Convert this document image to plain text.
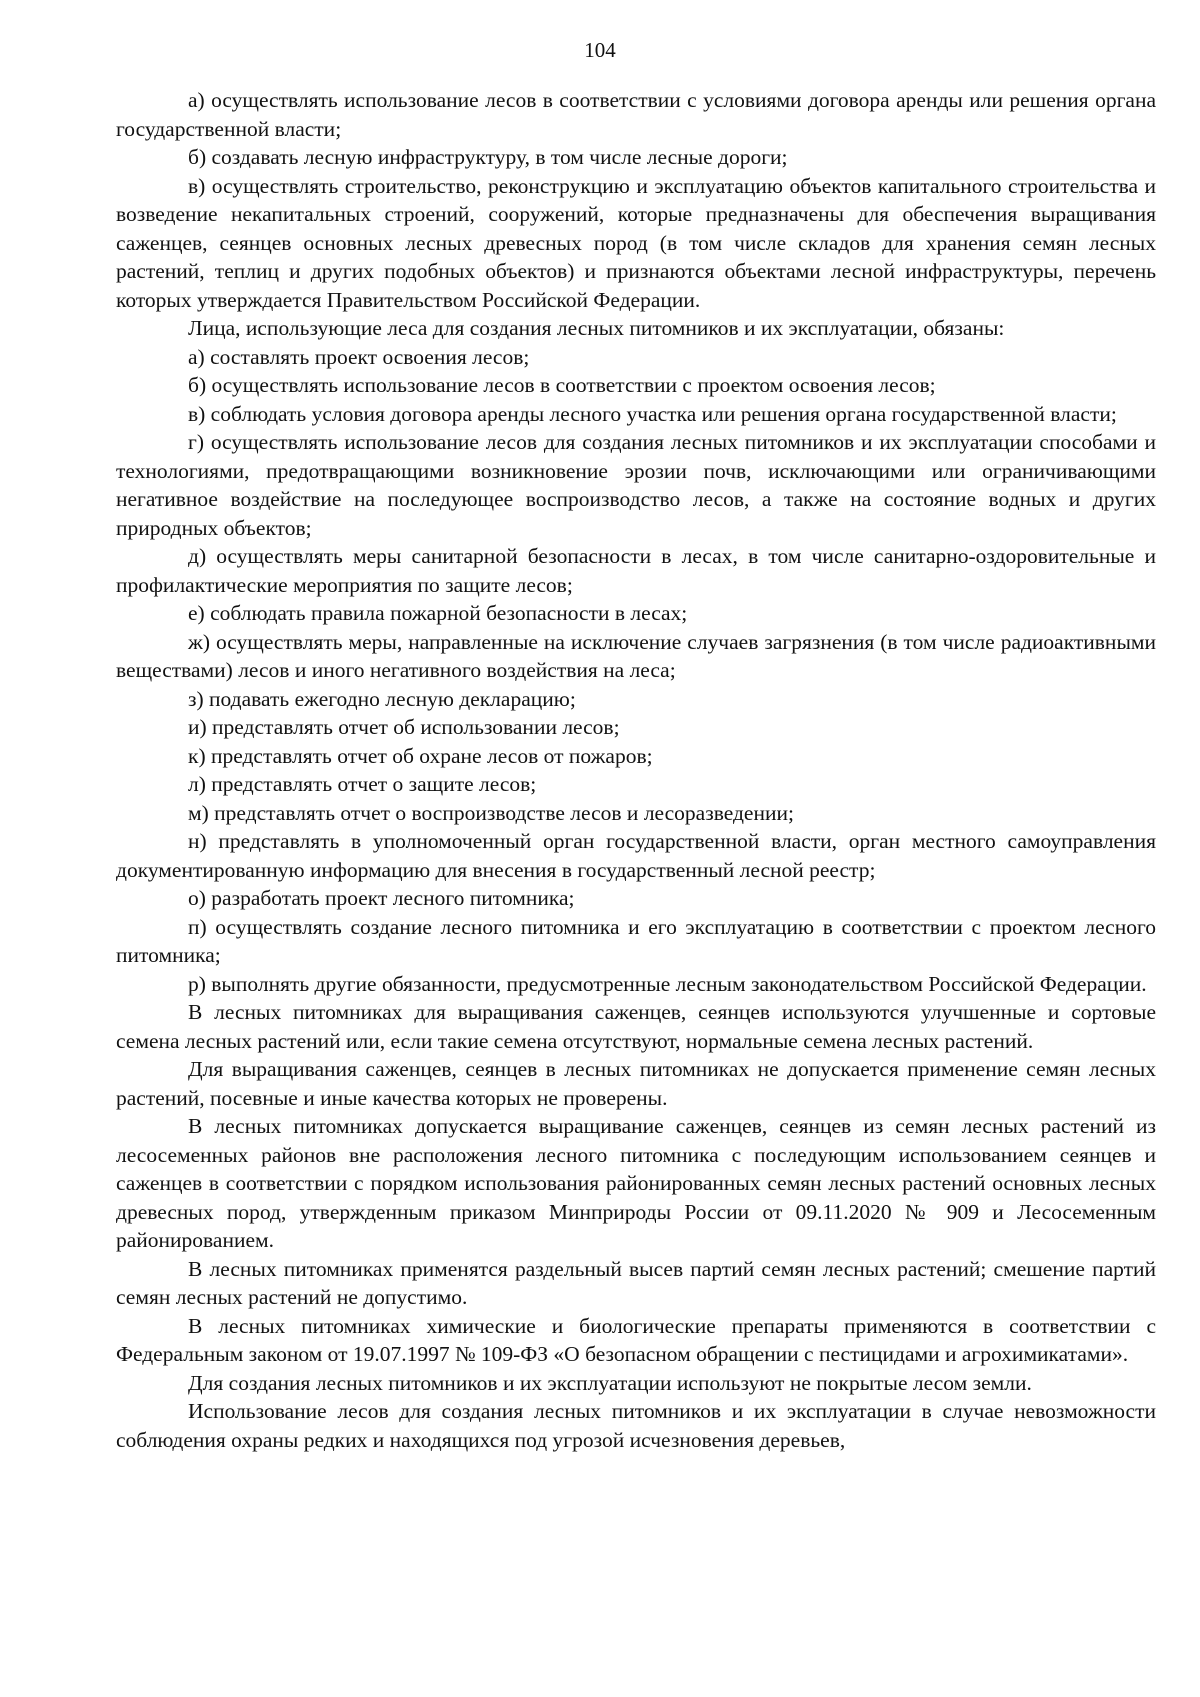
104

а) осуществлять использование лесов в соответствии с условиями договора аренды или решения органа государственной власти;

б) создавать лесную инфраструктуру, в том числе лесные дороги;

в) осуществлять строительство, реконструкцию и эксплуатацию объектов капитального строительства и возведение некапитальных строений, сооружений, которые предназначены для обеспечения выращивания саженцев, сеянцев основных лесных древесных пород (в том числе складов для хранения семян лесных растений, теплиц и других подобных объектов) и признаются объектами лесной инфраструктуры, перечень которых утверждается Правительством Российской Федерации.

Лица, использующие леса для создания лесных питомников и их эксплуатации, обязаны:

а) составлять проект освоения лесов;

б) осуществлять использование лесов в соответствии с проектом освоения лесов;

в) соблюдать условия договора аренды лесного участка или решения органа государственной власти;

г) осуществлять использование лесов для создания лесных питомников и их эксплуатации способами и технологиями, предотвращающими возникновение эрозии почв, исключающими или ограничивающими негативное воздействие на последующее воспроизводство лесов, а также на состояние водных и других природных объектов;

д) осуществлять меры санитарной безопасности в лесах, в том числе санитарно-оздоровительные и профилактические мероприятия по защите лесов;

е) соблюдать правила пожарной безопасности в лесах;

ж) осуществлять меры, направленные на исключение случаев загрязнения (в том числе радиоактивными веществами) лесов и иного негативного воздействия на леса;

з) подавать ежегодно лесную декларацию;

и) представлять отчет об использовании лесов;

к) представлять отчет об охране лесов от пожаров;

л) представлять отчет о защите лесов;

м) представлять отчет о воспроизводстве лесов и лесоразведении;

н) представлять в уполномоченный орган государственной власти, орган местного самоуправления документированную информацию для внесения в государственный лесной реестр;

о) разработать проект лесного питомника;

п) осуществлять создание лесного питомника и его эксплуатацию в соответствии с проектом лесного питомника;

р) выполнять другие обязанности, предусмотренные лесным законодательством Российской Федерации.

В лесных питомниках для выращивания саженцев, сеянцев используются улучшенные и сортовые семена лесных растений или, если такие семена отсутствуют, нормальные семена лесных растений.

Для выращивания саженцев, сеянцев в лесных питомниках не допускается применение семян лесных растений, посевные и иные качества которых не проверены.

В лесных питомниках допускается выращивание саженцев, сеянцев из семян лесных растений из лесосеменных районов вне расположения лесного питомника с последующим использованием сеянцев и саженцев в соответствии с порядком использования районированных семян лесных растений основных лесных древесных пород, утвержденным приказом Минприроды России от 09.11.2020 № 909 и Лесосеменным районированием.

В лесных питомниках применятся раздельный высев партий семян лесных растений; смешение партий семян лесных растений не допустимо.

В лесных питомниках химические и биологические препараты применяются в соответствии с Федеральным законом от 19.07.1997 № 109-ФЗ «О безопасном обращении с пестицидами и агрохимикатами».

Для создания лесных питомников и их эксплуатации используют не покрытые лесом земли.

Использование лесов для создания лесных питомников и их эксплуатации в случае невозможности соблюдения охраны редких и находящихся под угрозой исчезновения деревьев,
